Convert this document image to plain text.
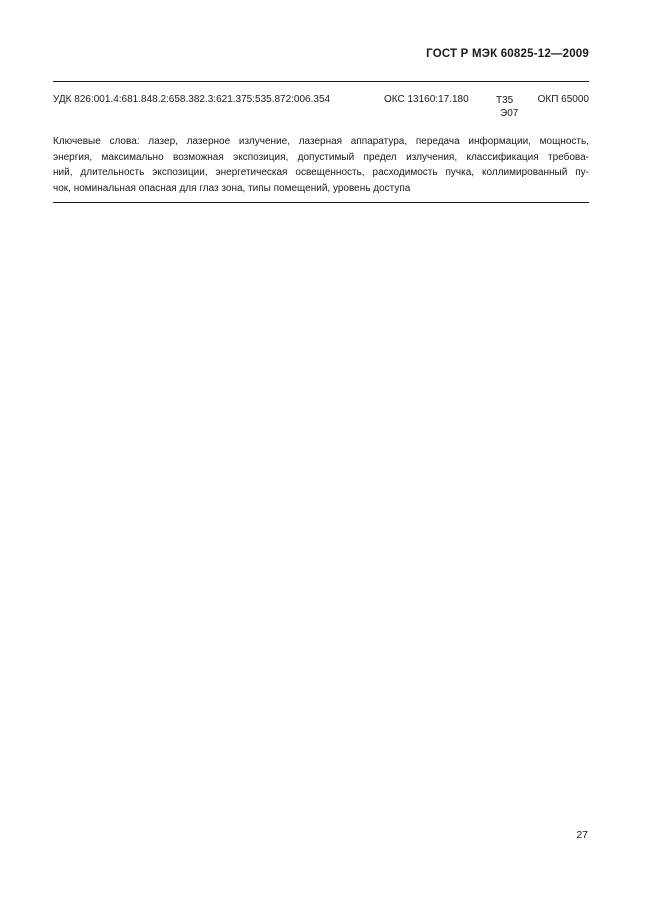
ГОСТ Р МЭК 60825-12—2009
УДК 826:001.4:681.848.2:658.382.3:621.375:535.872:006.354	ОКС 13160:17.180	Т35
Э07
ОКП 65000
Ключевые слова: лазер, лазерное излучение, лазерная аппаратура, передача информации, мощность,
энергия, максимально возможная экспозиция, допустимый предел излучения, классификация требова-
ний, длительность экспозиции, энергетическая освещенность, расходимость пучка, коллимированный пу-
чок, номинальная опасная для глаз зона, типы помещений, уровень доступа
27
